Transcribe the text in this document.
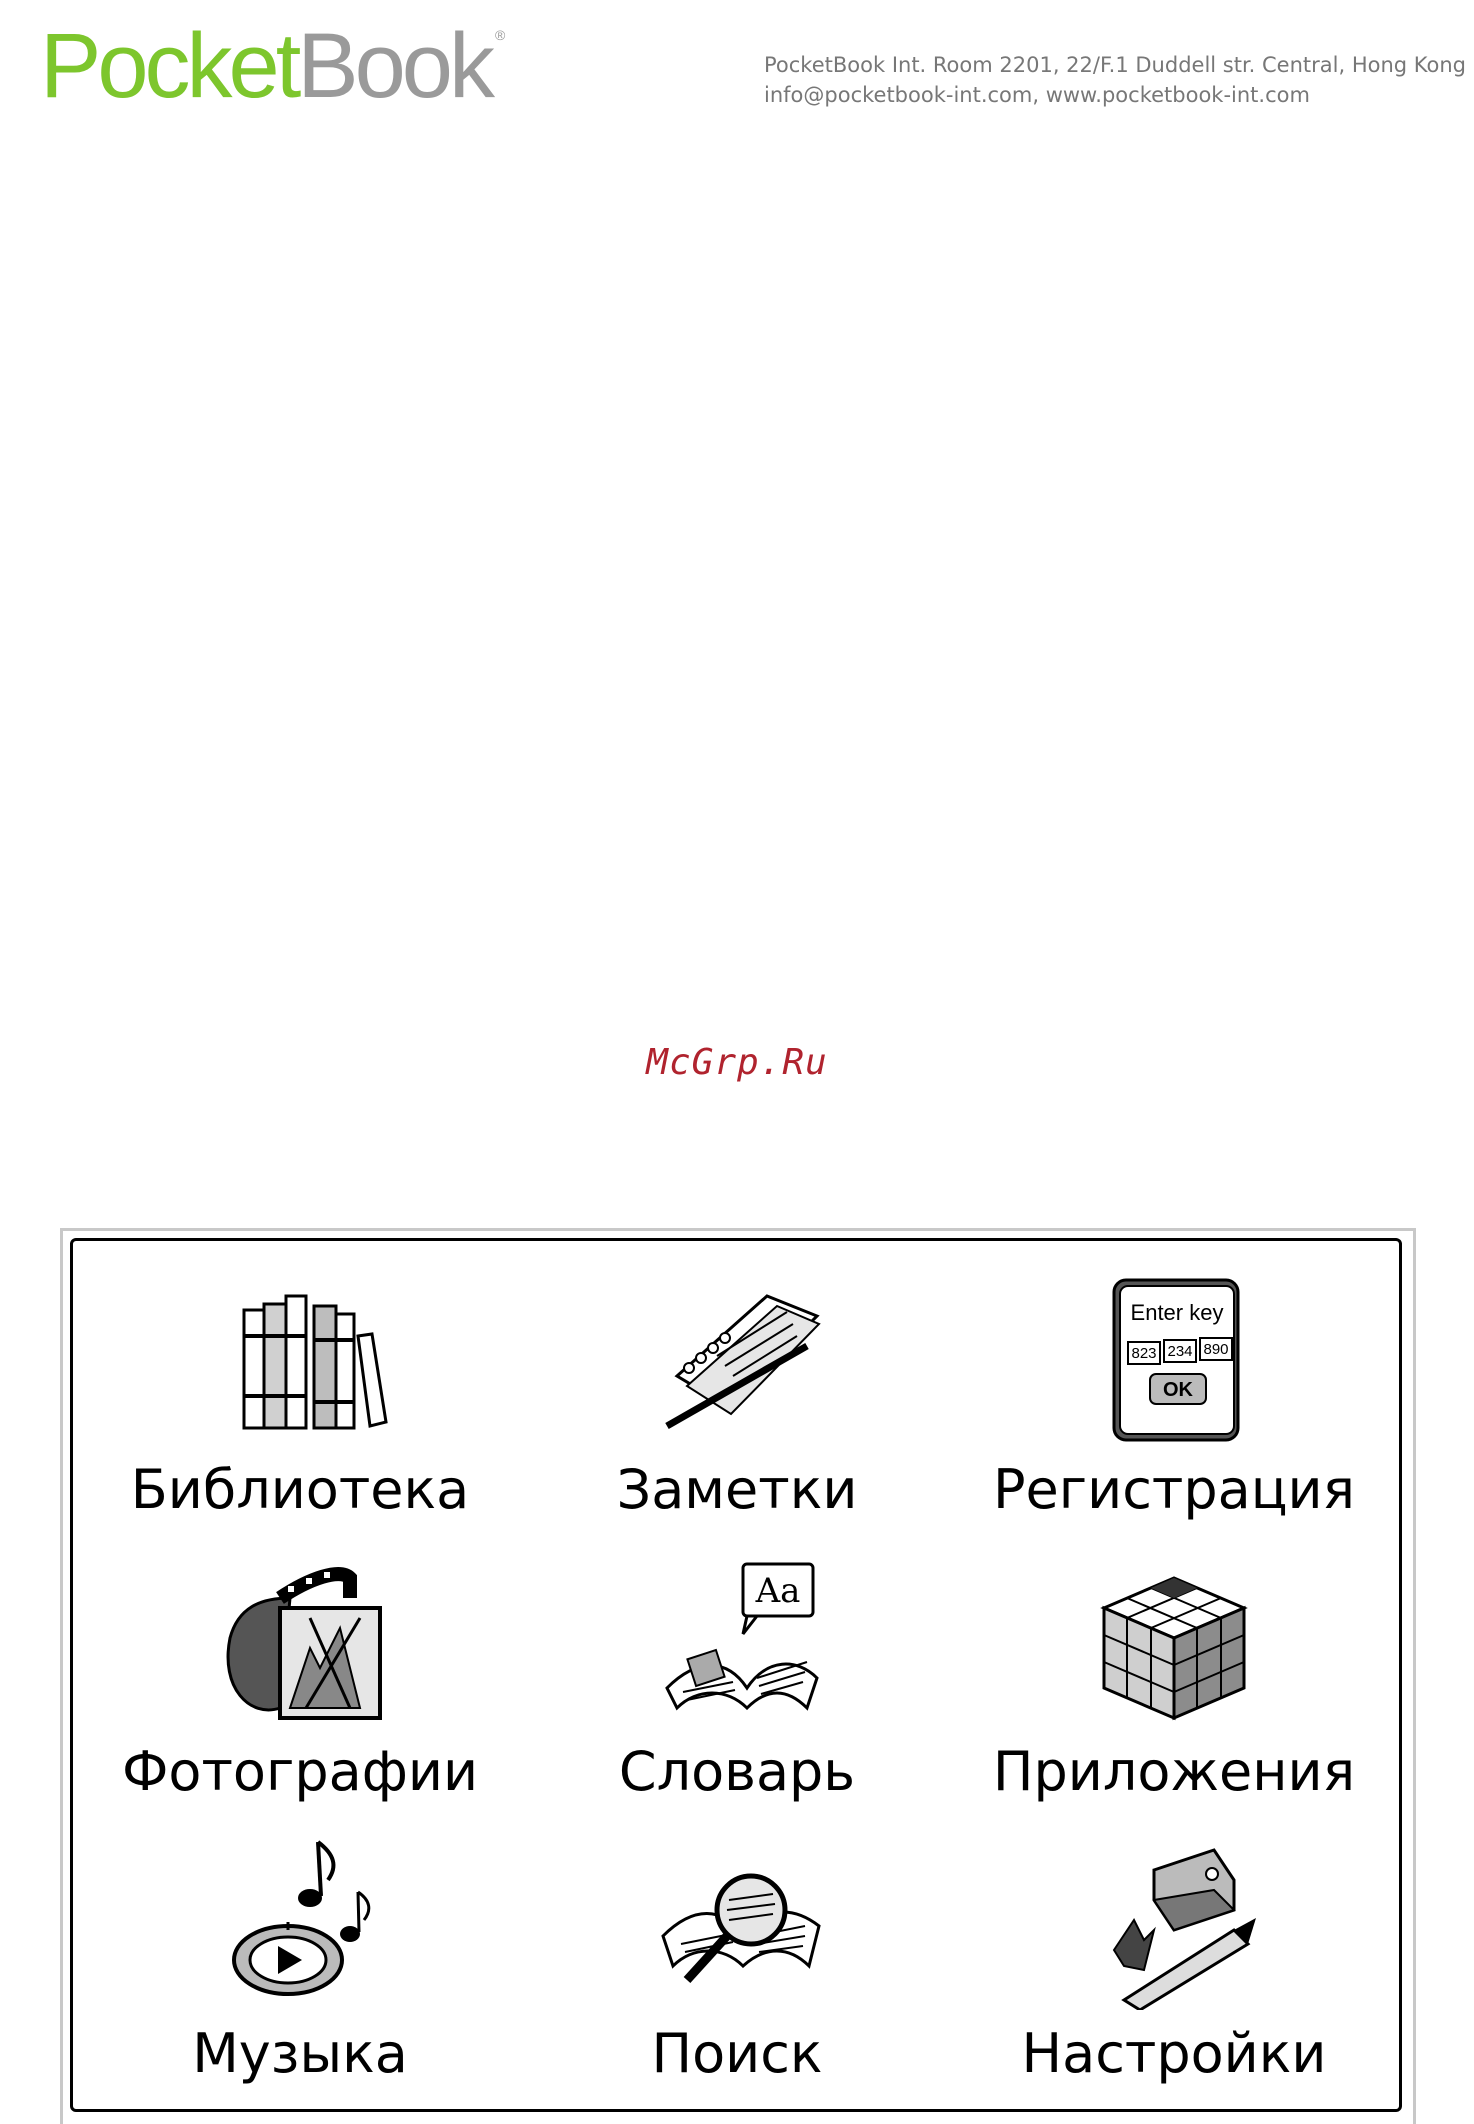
PocketBook ®
PocketBook Int. Room 2201, 22/F.1 Duddell str. Central, Hong Kong
info@pocketbook-int.com, www.pocketbook-int.com
McGrp.Ru
Библиотека	Заметки
Enter key
823 234 890
OK
Регистрация
Фотографии
Aa
Словарь	Приложения
Музыка	Поиск	Настройки
